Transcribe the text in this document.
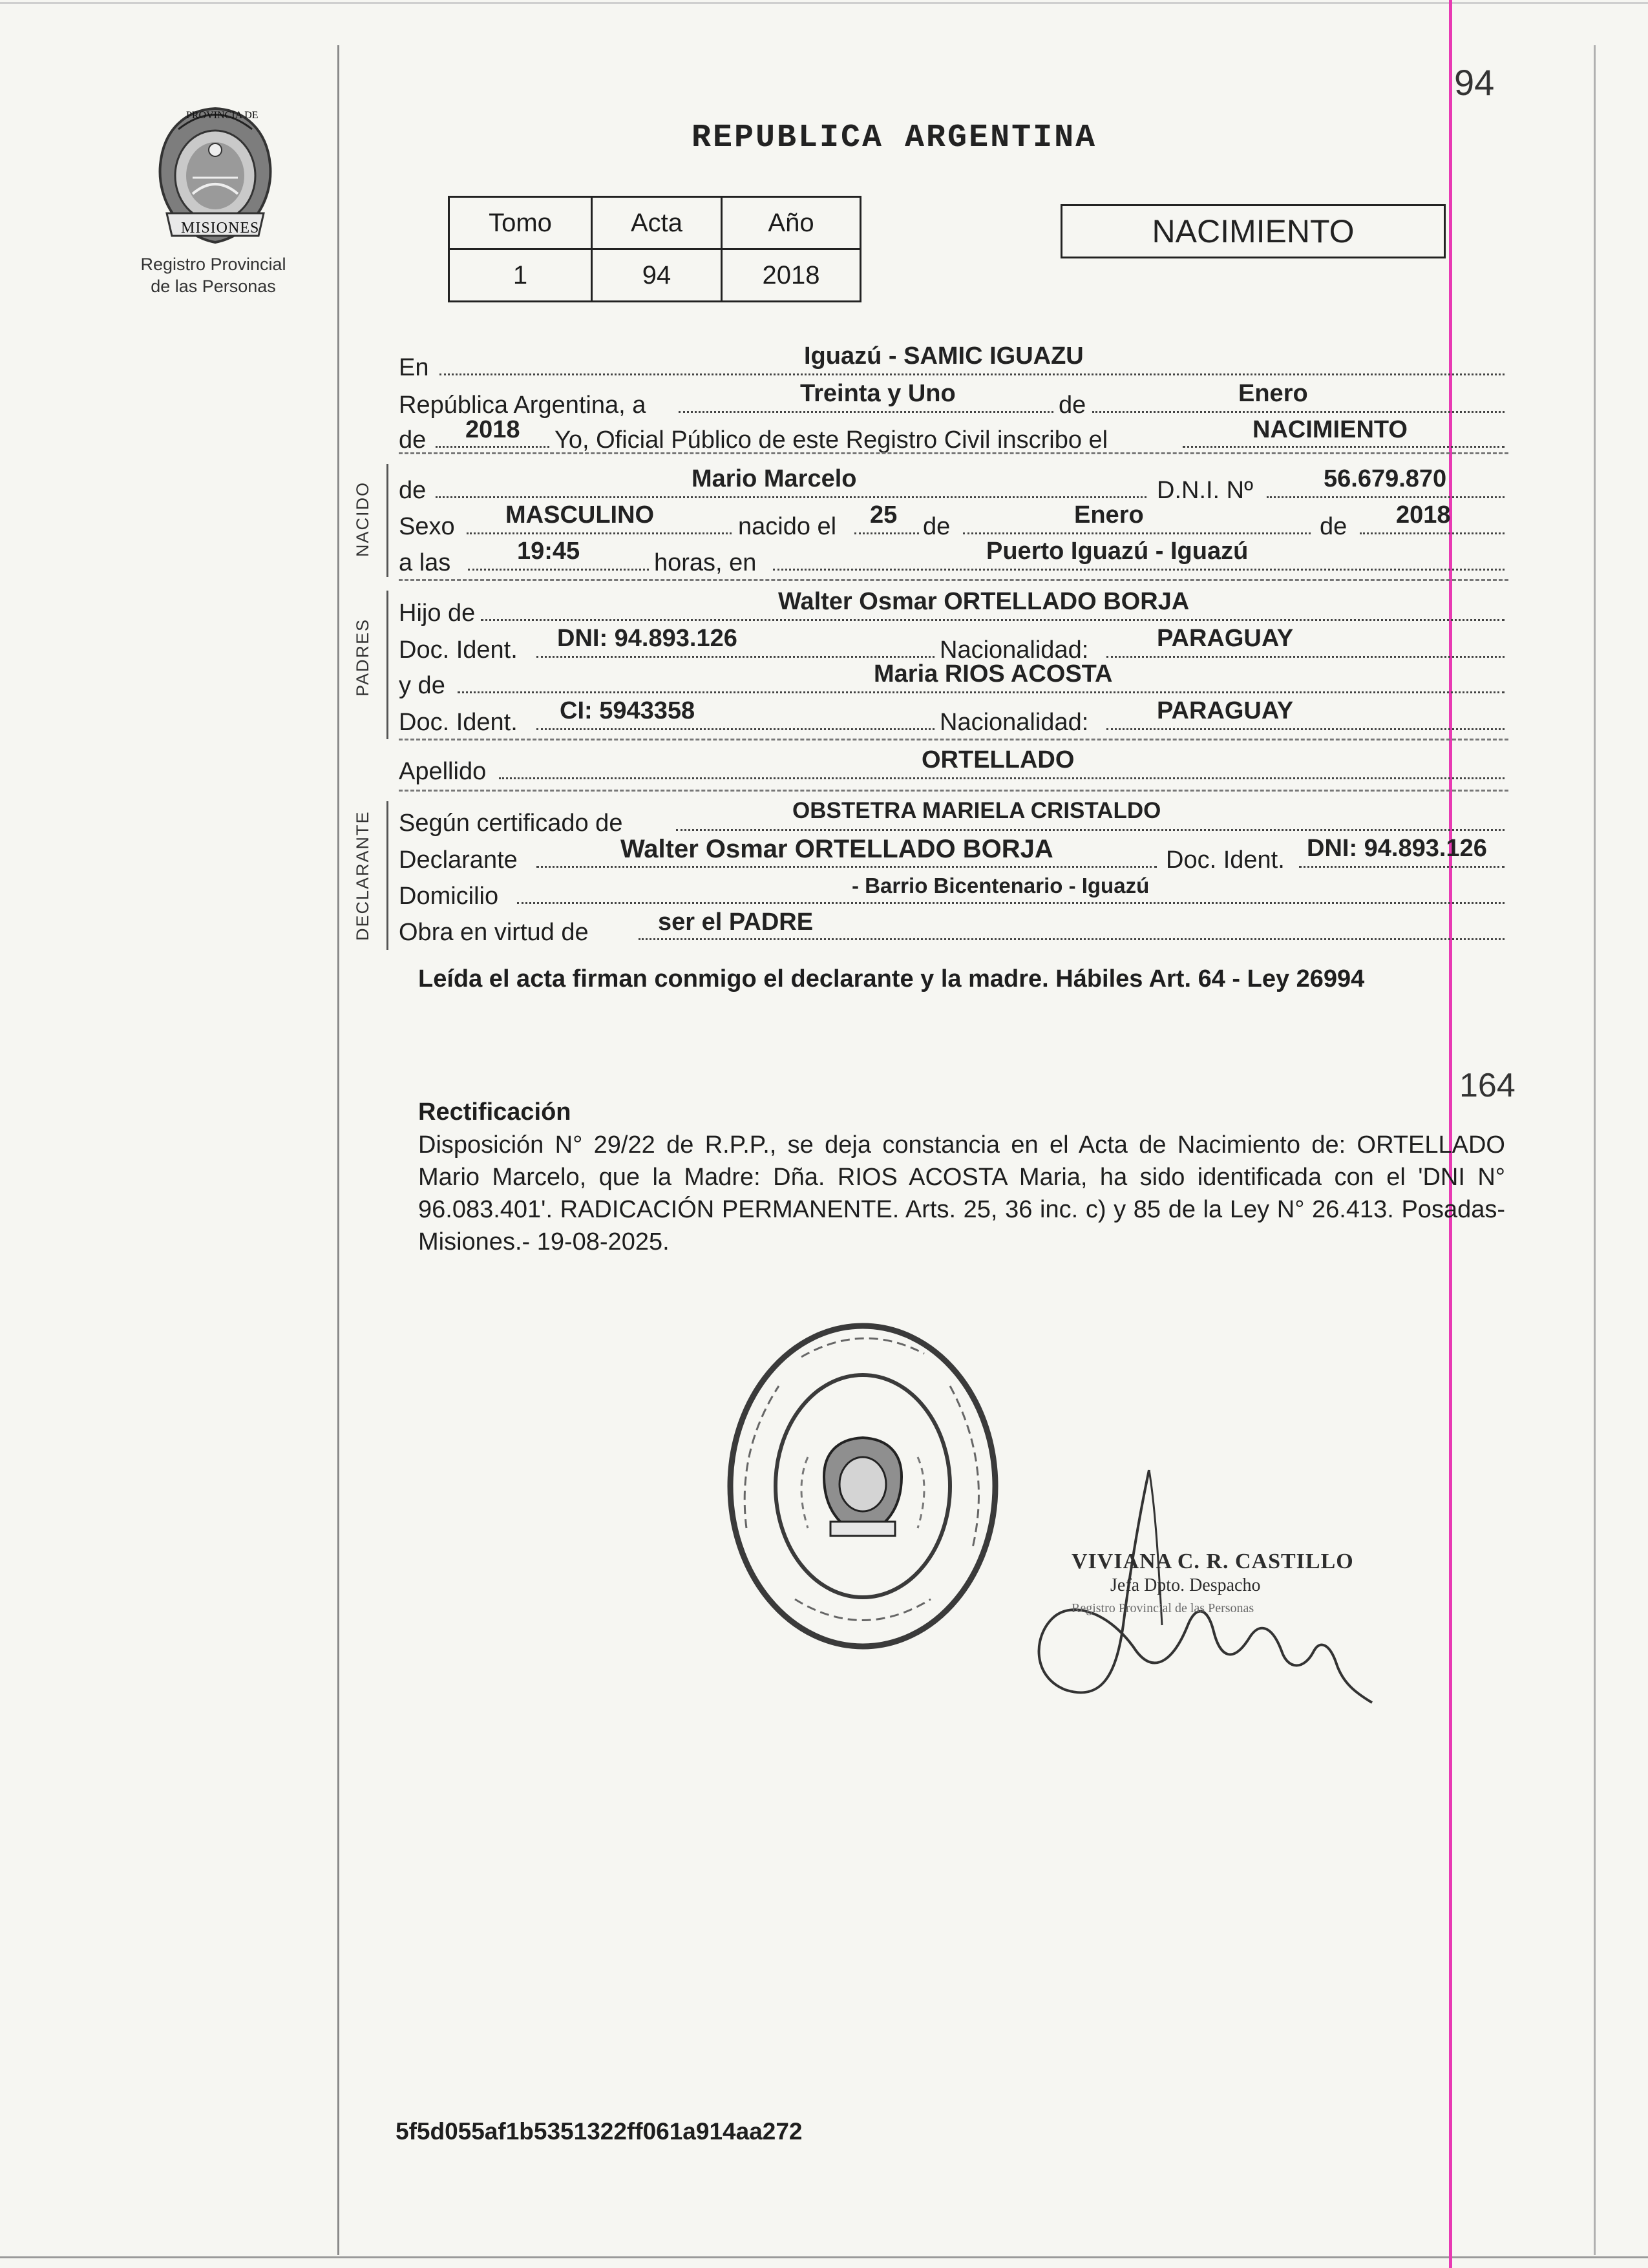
PROVINCIA DE
MISIONES
Registro Provincial
de las Personas
REPUBLICA ARGENTINA
94
Tomo	Acta	Año
1	94	2018
NACIMIENTO
En	Iguazú - SAMIC IGUAZU
República Argentina, a	Treinta y Uno	de	Enero
de 2018 Yo, Oficial Público de este Registro Civil inscribo el	NACIMIENTO
NACIDO de	Mario Marcelo	D.N.I. Nº	56.679.870
Sexo MASCULINO	nacido el 25 de	Enero	de 2018
a las	19:45	horas, en	Puerto Iguazú - Iguazú
PADRES
Hijo de	Walter Osmar ORTELLADO BORJA
Doc. Ident. DNI: 94.893.126	Nacionalidad:	PARAGUAY
y de	Maria RIOS ACOSTA
Doc. Ident. CI: 5943358	Nacionalidad:	PARAGUAY
Apellido	ORTELLADO
DECLARANTE Según certificado de	OBSTETRA MARIELA CRISTALDO
Declarante	Walter Osmar ORTELLADO BORJA	Doc. Ident. DNI: 94.893.126
Domicilio	- Barrio Bicentenario - Iguazú
Obra en virtud de	ser el PADRE
Leída el acta firman conmigo el declarante y la madre. Hábiles Art. 64 - Ley 26994
164
Rectificación
Disposición N° 29/22 de R.P.P., se deja constancia en el Acta de Nacimiento de: ORTELLADO Mario Marcelo, que la Madre: Dña. RIOS ACOSTA Maria, ha sido identificada con el 'DNI N° 96.083.401'. RADICACIÓN PERMANENTE. Arts. 25, 36 inc. c) y 85 de la Ley N° 26.413. Posadas- Misiones.- 19-08-2025.
VIVIANA C. R. CASTILLO
Jefa Dpto. Despacho
Registro Provincial de las Personas
5f5d055af1b5351322ff061a914aa272
